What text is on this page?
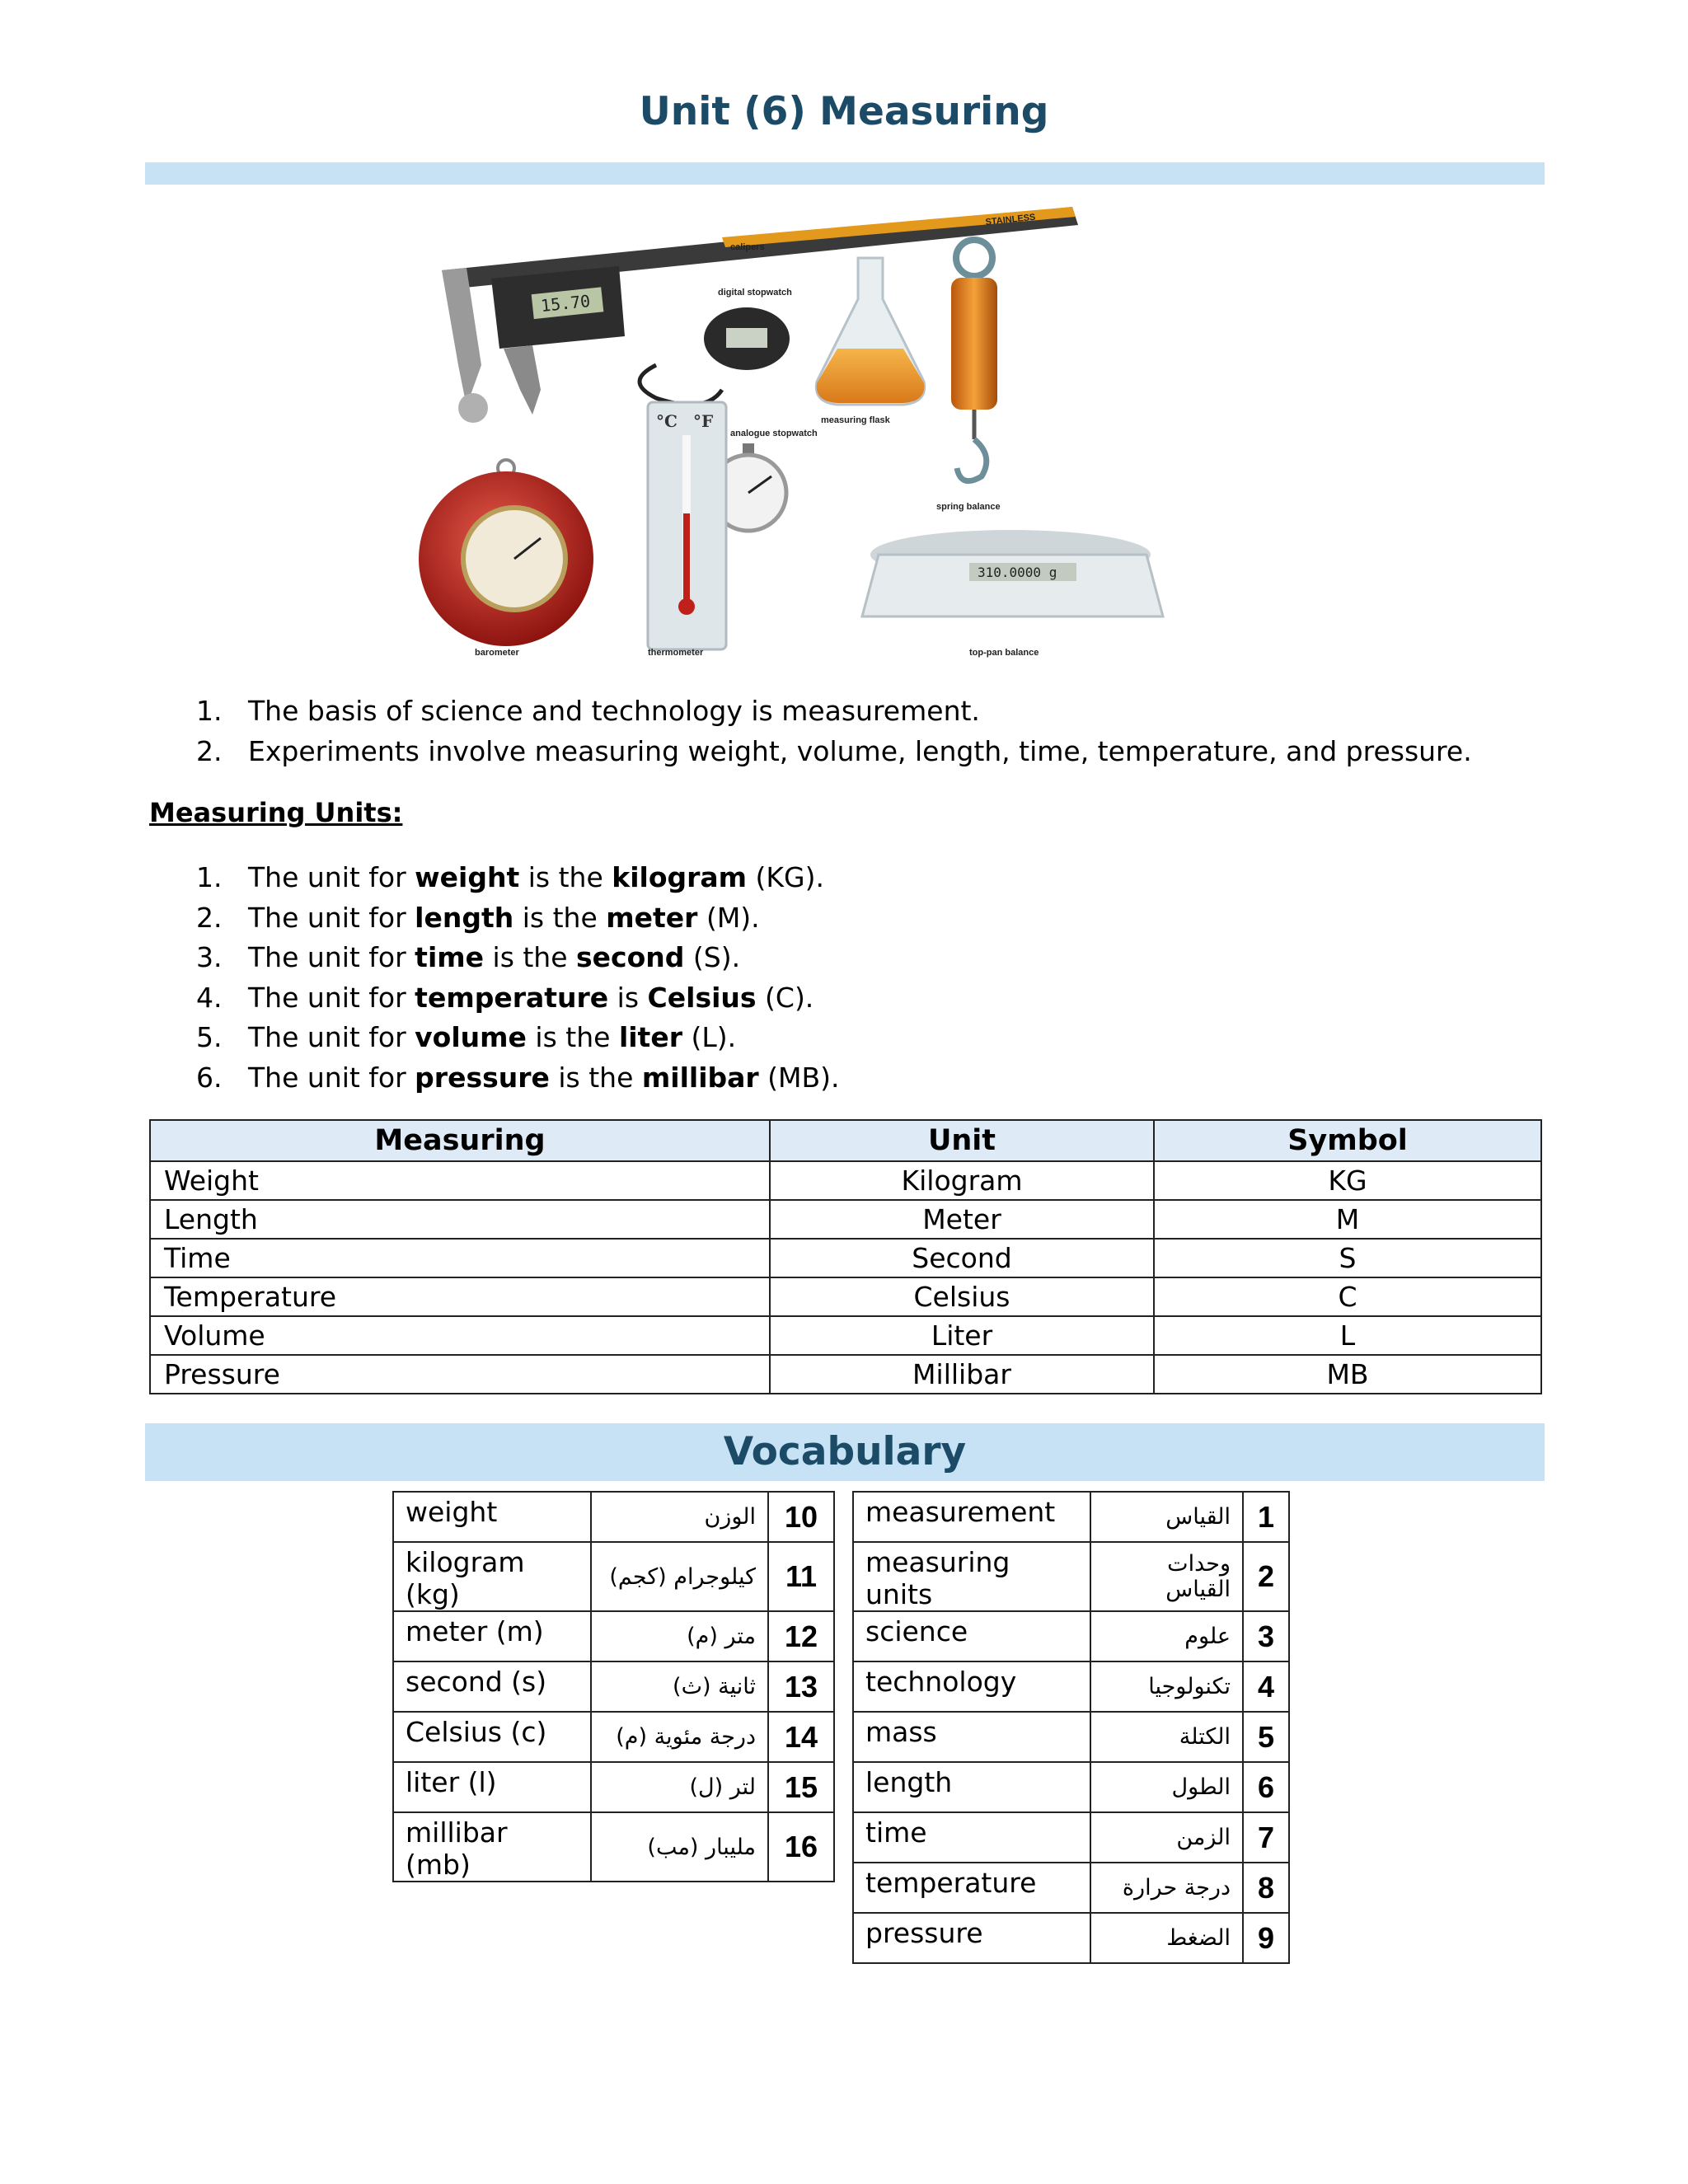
Unit (6) Measuring
15.70
STAINLESS
calipers
digital stopwatch
measuring flask
spring balance
analogue stopwatch
°C °F
thermometer
barometer
310.0000 g
top-pan balance
1. The basis of science and technology is measurement.
2. Experiments involve measuring weight, volume, length, time, temperature, and pressure.
Measuring Units:
1. The unit for weight is the kilogram (KG).
2. The unit for length is the meter (M).
3. The unit for time is the second (S).
4. The unit for temperature is Celsius (C).
5. The unit for volume is the liter (L).
6. The unit for pressure is the millibar (MB).
Measuring	Unit	Symbol
Weight	Kilogram	KG
Length	Meter	M
Time	Second	S
Temperature	Celsius	C
Volume	Liter	L
Pressure	Millibar	MB
Vocabulary
weight	الوزن	10
kilogram (kg)	كيلوجرام (كجم)	11
meter (m)	متر (م)	12
second (s)	ثانية (ث)	13
Celsius (c)	درجة مئوية (م)	14
liter (l)	لتر (ل)	15
millibar (mb)	مليبار (مب)	16
measurement	القياس	1
measuring units	وحدات القياس	2
science	علوم	3
technology	تكنولوجيا	4
mass	الكتلة	5
length	الطول	6
time	الزمن	7
temperature	درجة حرارة	8
pressure	الضغط	9
